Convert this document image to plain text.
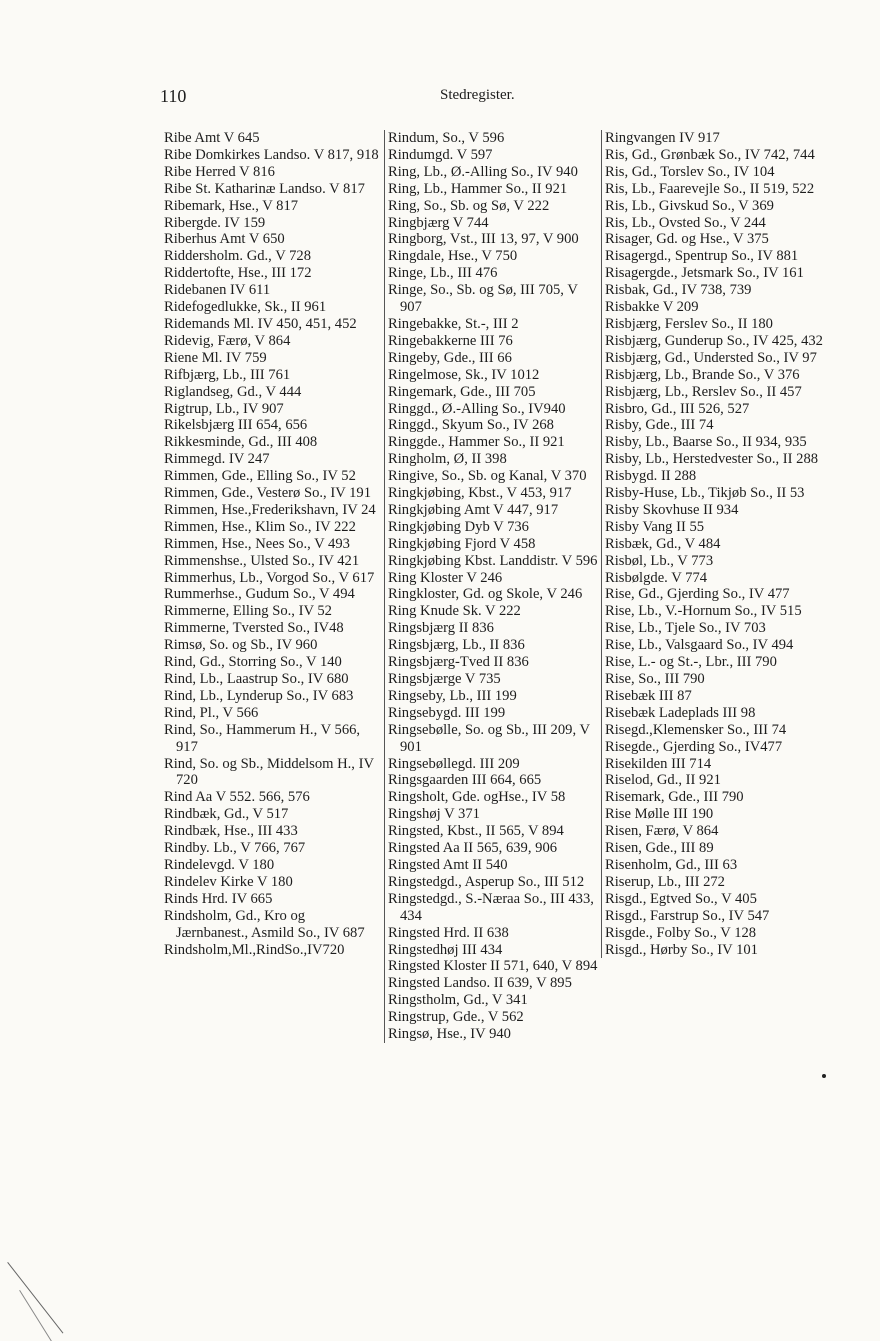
110	Stedregister.
Ribe Amt V 645
Ribe Domkirkes Landso. V 817, 918
Ribe Herred V 816
Ribe St. Katharinæ Landso. V 817
Ribemark, Hse., V 817
Ribergde. IV 159
Riberhus Amt V 650
Riddersholm. Gd., V 728
Riddertofte, Hse., III 172
Ridebanen IV 611
Ridefogedlukke, Sk., II 961
Ridemands Ml. IV 450, 451, 452
Ridevig, Færø, V 864
Riene Ml. IV 759
Rifbjærg, Lb., III 761
Riglandseg, Gd., V 444
Rigtrup, Lb., IV 907
Rikelsbjærg III 654, 656
Rikkesminde, Gd., III 408
Rimmegd. IV 247
Rimmen, Gde., Elling So., IV 52
Rimmen, Gde., Vesterø So., IV 191
Rimmen, Hse.,Frederikshavn, IV 24
Rimmen, Hse., Klim So., IV 222
Rimmen, Hse., Nees So., V 493
Rimmenshse., Ulsted So., IV 421
Rimmerhus, Lb., Vorgod So., V 617
Rummerhse., Gudum So., V 494
Rimmerne, Elling So., IV 52
Rimmerne, Tversted So., IV48
Rimsø, So. og Sb., IV 960
Rind, Gd., Storring So., V 140
Rind, Lb., Laastrup So., IV 680
Rind, Lb., Lynderup So., IV 683
Rind, Pl., V 566
Rind, So., Hammerum H., V 566, 917
Rind, So. og Sb., Middelsom H., IV 720
Rind Aa V 552. 566, 576
Rindbæk, Gd., V 517
Rindbæk, Hse., III 433
Rindby. Lb., V 766, 767
Rindelevgd. V 180
Rindelev Kirke V 180
Rinds Hrd. IV 665
Rindsholm, Gd., Kro og Jærnbanest., Asmild So., IV 687
Rindsholm,Ml.,RindSo.,IV720
Rindum, So., V 596
Rindumgd. V 597
Ring, Lb., Ø.-Alling So., IV 940
Ring, Lb., Hammer So., II 921
Ring, So., Sb. og Sø, V 222
Ringbjærg V 744
Ringborg, Vst., III 13, 97, V 900
Ringdale, Hse., V 750
Ringe, Lb., III 476
Ringe, So., Sb. og Sø, III 705, V 907
Ringebakke, St.-, III 2
Ringebakkerne III 76
Ringeby, Gde., III 66
Ringelmose, Sk., IV 1012
Ringemark, Gde., III 705
Ringgd., Ø.-Alling So., IV940
Ringgd., Skyum So., IV 268
Ringgde., Hammer So., II 921
Ringholm, Ø, II 398
Ringive, So., Sb. og Kanal, V 370
Ringkjøbing, Kbst., V 453, 917
Ringkjøbing Amt V 447, 917
Ringkjøbing Dyb V 736
Ringkjøbing Fjord V 458
Ringkjøbing Kbst. Landdistr. V 596
Ring Kloster V 246
Ringkloster, Gd. og Skole, V 246
Ring Knude Sk. V 222
Ringsbjærg II 836
Ringsbjærg, Lb., II 836
Ringsbjærg-Tved II 836
Ringsbjærge V 735
Ringseby, Lb., III 199
Ringsebygd. III 199
Ringsebølle, So. og Sb., III 209, V 901
Ringsebøllegd. III 209
Ringsgaarden III 664, 665
Ringsholt, Gde. ogHse., IV 58
Ringshøj V 371
Ringsted, Kbst., II 565, V 894
Ringsted Aa II 565, 639, 906
Ringsted Amt II 540
Ringstedgd., Asperup So., III 512
Ringstedgd., S.-Næraa So., III 433, 434
Ringsted Hrd. II 638
Ringstedhøj III 434
Ringsted Kloster II 571, 640, V 894
Ringsted Landso. II 639, V 895
Ringstholm, Gd., V 341
Ringstrup, Gde., V 562
Ringsø, Hse., IV 940
Ringvangen IV 917
Ris, Gd., Grønbæk So., IV 742, 744
Ris, Gd., Torslev So., IV 104
Ris, Lb., Faarevejle So., II 519, 522
Ris, Lb., Givskud So., V 369
Ris, Lb., Ovsted So., V 244
Risager, Gd. og Hse., V 375
Risagergd., Spentrup So., IV 881
Risagergde., Jetsmark So., IV 161
Risbak, Gd., IV 738, 739
Risbakke V 209
Risbjærg, Ferslev So., II 180
Risbjærg, Gunderup So., IV 425, 432
Risbjærg, Gd., Understed So., IV 97
Risbjærg, Lb., Brande So., V 376
Risbjærg, Lb., Rerslev So., II 457
Risbro, Gd., III 526, 527
Risby, Gde., III 74
Risby, Lb., Baarse So., II 934, 935
Risby, Lb., Herstedvester So., II 288
Risbygd. II 288
Risby-Huse, Lb., Tikjøb So., II 53
Risby Skovhuse II 934
Risby Vang II 55
Risbæk, Gd., V 484
Risbøl, Lb., V 773
Risbølgde. V 774
Rise, Gd., Gjerding So., IV 477
Rise, Lb., V.-Hornum So., IV 515
Rise, Lb., Tjele So., IV 703
Rise, Lb., Valsgaard So., IV 494
Rise, L.- og St.-, Lbr., III 790
Rise, So., III 790
Risebæk III 87
Risebæk Ladeplads III 98
Risegd.,Klemensker So., III 74
Risegde., Gjerding So., IV477
Risekilden III 714
Riselod, Gd., II 921
Risemark, Gde., III 790
Rise Mølle III 190
Risen, Færø, V 864
Risen, Gde., III 89
Risenholm, Gd., III 63
Riserup, Lb., III 272
Risgd., Egtved So., V 405
Risgd., Farstrup So., IV 547
Risgde., Folby So., V 128
Risgd., Hørby So., IV 101
